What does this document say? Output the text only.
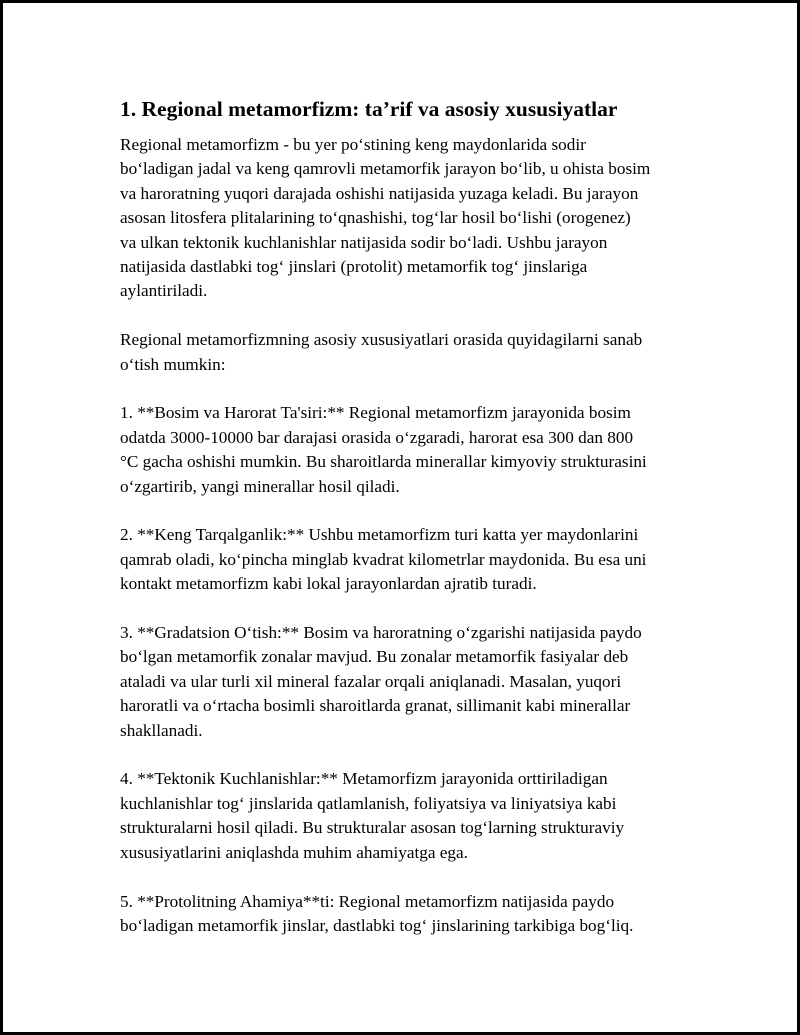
1. Regional metamorfizm: ta’rif va asosiy xususiyatlar
Regional metamorfizm - bu yer po‘stining keng maydonlarida sodir
bo‘ladigan jadal va keng qamrovli metamorfik jarayon bo‘lib, u ohista bosim
va haroratning yuqori darajada oshishi natijasida yuzaga keladi. Bu jarayon
asosan litosfera plitalarining to‘qnashishi, tog‘lar hosil bo‘lishi (orogenez)
va ulkan tektonik kuchlanishlar natijasida sodir bo‘ladi. Ushbu jarayon
natijasida dastlabki tog‘ jinslari (protolit) metamorfik tog‘ jinslariga
aylantiriladi.
Regional metamorfizmning asosiy xususiyatlari orasida quyidagilarni sanab
o‘tish mumkin:
1. **Bosim va Harorat Ta'siri:** Regional metamorfizm jarayonida bosim
odatda 3000-10000 bar darajasi orasida o‘zgaradi, harorat esa 300 dan 800
°C gacha oshishi mumkin. Bu sharoitlarda minerallar kimyoviy strukturasini
o‘zgartirib, yangi minerallar hosil qiladi.
2. **Keng Tarqalganlik:** Ushbu metamorfizm turi katta yer maydonlarini
qamrab oladi, ko‘pincha minglab kvadrat kilometrlar maydonida. Bu esa uni
kontakt metamorfizm kabi lokal jarayonlardan ajratib turadi.
3. **Gradatsion O‘tish:** Bosim va haroratning o‘zgarishi natijasida paydo
bo‘lgan metamorfik zonalar mavjud. Bu zonalar metamorfik fasiyalar deb
ataladi va ular turli xil mineral fazalar orqali aniqlanadi. Masalan, yuqori
haroratli va o‘rtacha bosimli sharoitlarda granat, sillimanit kabi minerallar
shakllanadi.
4. **Tektonik Kuchlanishlar:** Metamorfizm jarayonida orttiriladigan
kuchlanishlar tog‘ jinslarida qatlamlanish, foliyatsiya va liniyatsiya kabi
strukturalarni hosil qiladi. Bu strukturalar asosan tog‘larning strukturaviy
xususiyatlarini aniqlashda muhim ahamiyatga ega.
5. **Protolitning Ahamiya**ti: Regional metamorfizm natijasida paydo
bo‘ladigan metamorfik jinslar, dastlabki tog‘ jinslarining tarkibiga bog‘liq.
